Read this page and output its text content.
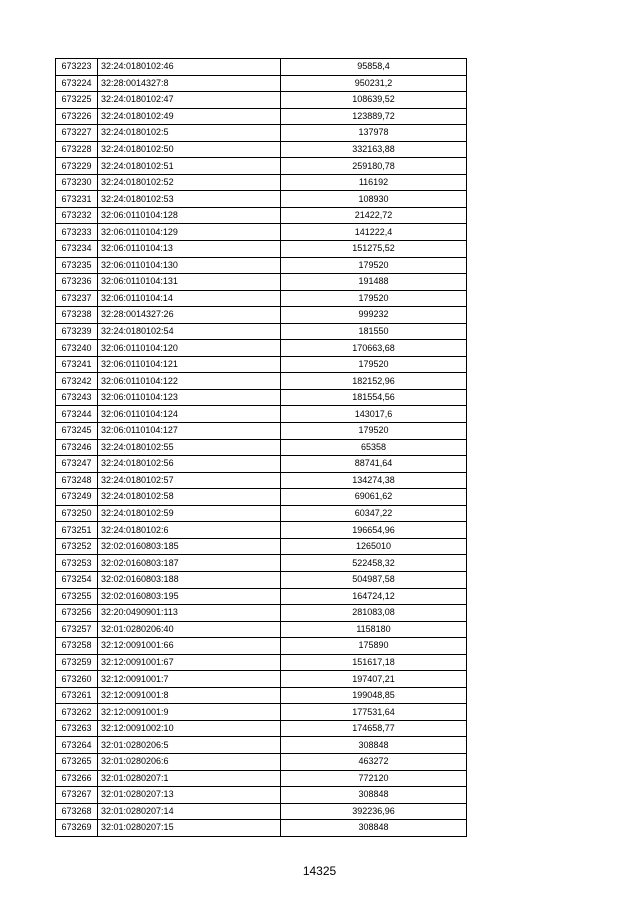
673223	32:24:0180102:46	95858,4
673224	32:28:0014327:8	950231,2
673225	32:24:0180102:47	108639,52
673226	32:24:0180102:49	123889,72
673227	32:24:0180102:5	137978
673228	32:24:0180102:50	332163,88
673229	32:24:0180102:51	259180,78
673230	32:24:0180102:52	116192
673231	32:24:0180102:53	108930
673232	32:06:0110104:128	21422,72
673233	32:06:0110104:129	141222,4
673234	32:06:0110104:13	151275,52
673235	32:06:0110104:130	179520
673236	32:06:0110104:131	191488
673237	32:06:0110104:14	179520
673238	32:28:0014327:26	999232
673239	32:24:0180102:54	181550
673240	32:06:0110104:120	170663,68
673241	32:06:0110104:121	179520
673242	32:06:0110104:122	182152,96
673243	32:06:0110104:123	181554,56
673244	32:06:0110104:124	143017,6
673245	32:06:0110104:127	179520
673246	32:24:0180102:55	65358
673247	32:24:0180102:56	88741,64
673248	32:24:0180102:57	134274,38
673249	32:24:0180102:58	69061,62
673250	32:24:0180102:59	60347,22
673251	32:24:0180102:6	196654,96
673252	32:02:0160803:185	1265010
673253	32:02:0160803:187	522458,32
673254	32:02:0160803:188	504987,58
673255	32:02:0160803:195	164724,12
673256	32:20:0490901:113	281083,08
673257	32:01:0280206:40	1158180
673258	32:12:0091001:66	175890
673259	32:12:0091001:67	151617,18
673260	32:12:0091001:7	197407,21
673261	32:12:0091001:8	199048,85
673262	32:12:0091001:9	177531,64
673263	32:12:0091002:10	174658,77
673264	32:01:0280206:5	308848
673265	32:01:0280206:6	463272
673266	32:01:0280207:1	772120
673267	32:01:0280207:13	308848
673268	32:01:0280207:14	392236,96
673269	32:01:0280207:15	308848
14325
